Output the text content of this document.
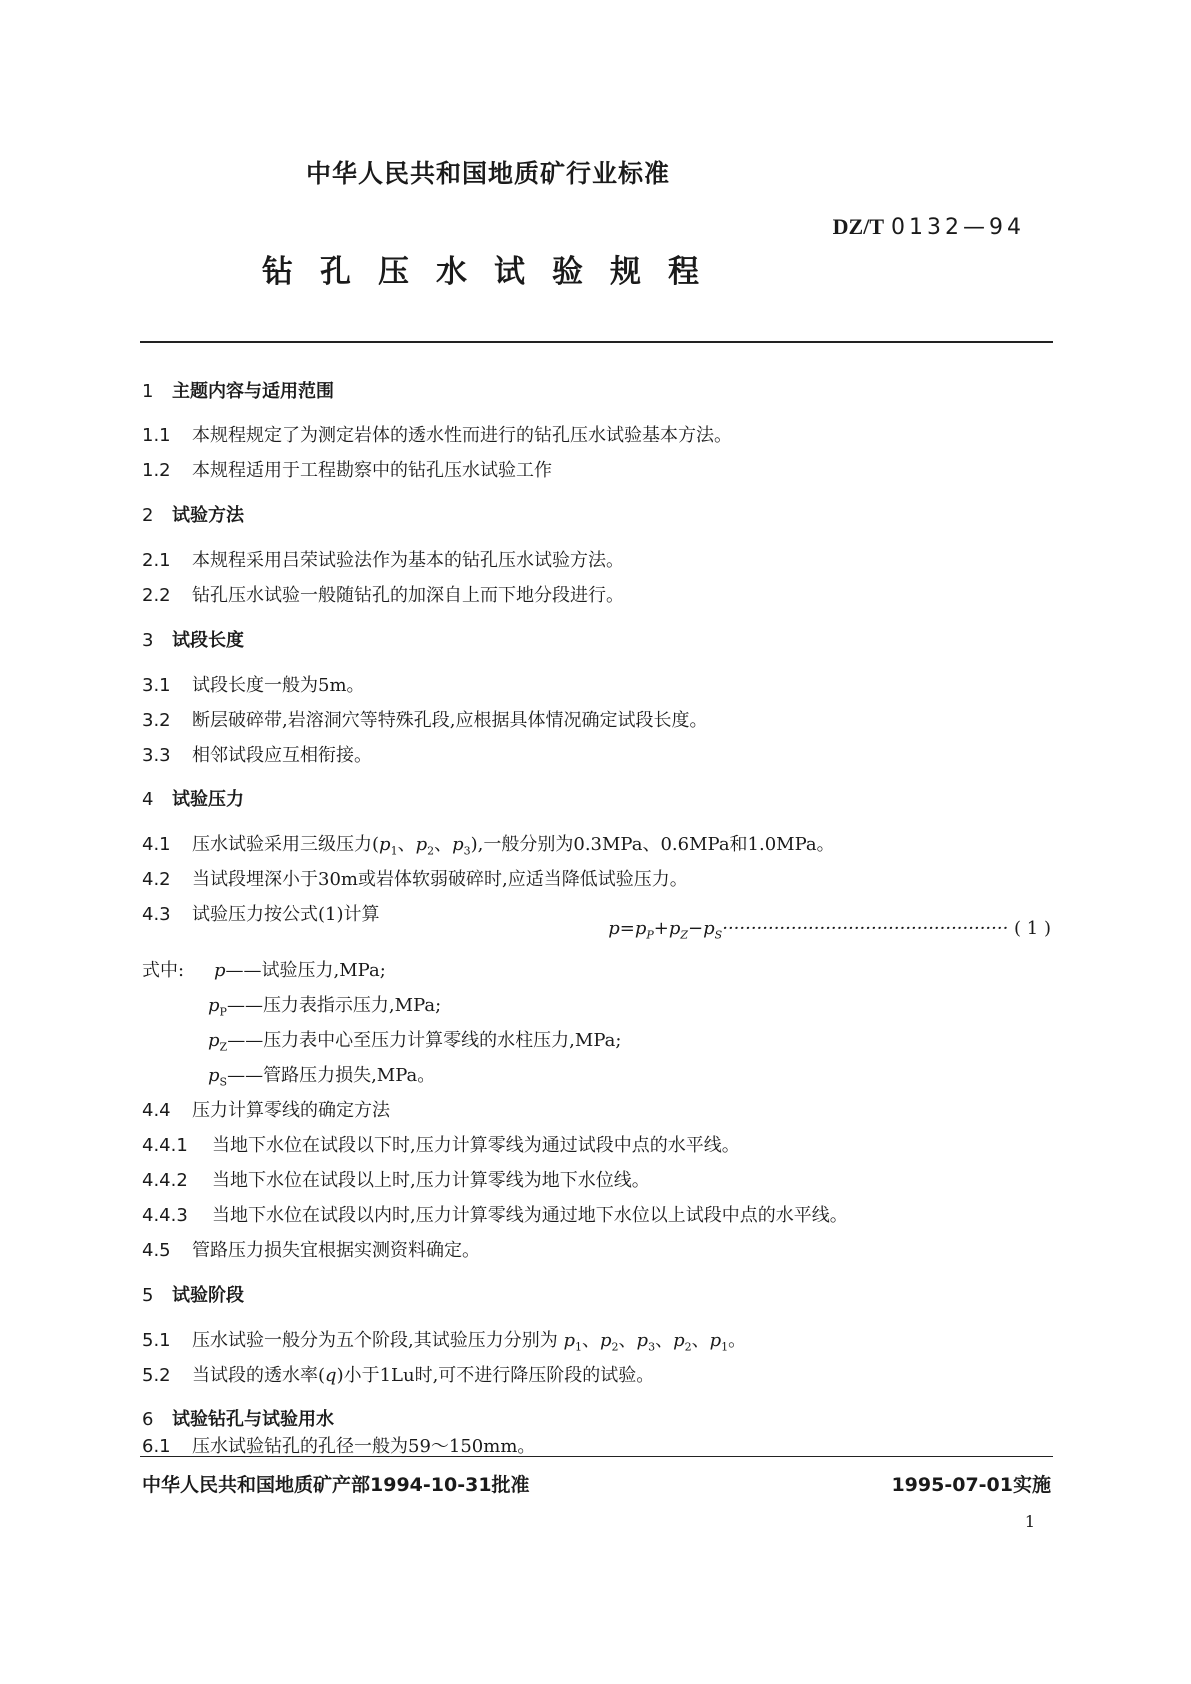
中华人民共和国地质矿行业标准
DZ/T 0132—94
钻孔压水试验规程
1 主题内容与适用范围
1.1 本规程规定了为测定岩体的透水性而进行的钻孔压水试验基本方法。
1.2 本规程适用于工程勘察中的钻孔压水试验工作
2 试验方法
2.1 本规程采用吕荣试验法作为基本的钻孔压水试验方法。
2.2 钻孔压水试验一般随钻孔的加深自上而下地分段进行。
3 试段长度
3.1 试段长度一般为5m。
3.2 断层破碎带,岩溶洞穴等特殊孔段,应根据具体情况确定试段长度。
3.3 相邻试段应互相衔接。
4 试验压力
4.1 压水试验采用三级压力($p_1$、$p_2$、$p_3$),一般分别为0.3MPa、0.6MPa和1.0MPa。
4.2 当试段埋深小于30m或岩体软弱破碎时,应适当降低试验压力。
4.3 试验压力按公式(1)计算
$p=p_P+p_Z-p_S\cdot\cdot\cdot\cdot\cdot\cdot\cdot\cdot\cdot\cdot\cdot\cdot\cdot\cdot\cdot\cdot\cdot\cdot\cdot\cdot\cdot\cdot\cdot\cdot\cdot\cdot\cdot\cdot\cdot\cdot\cdot\cdot\cdot\cdot\cdot\cdot\cdot\cdot\cdot\cdot\cdot\cdot\cdot\cdot\cdot\cdot\cdot\cdot\cdot\cdot$ ( 1 )
式中: p——试验压力,MPa;
$p_P——$压力表指示压力,MPa;
$p_Z——$压力表中心至压力计算零线的水柱压力,MPa;
$p_S——$管路压力损失,MPa。
4.4 压力计算零线的确定方法
4.4.1 当地下水位在试段以下时,压力计算零线为通过试段中点的水平线。
4.4.2 当地下水位在试段以上时,压力计算零线为地下水位线。
4.4.3 当地下水位在试段以内时,压力计算零线为通过地下水位以上试段中点的水平线。
4.5 管路压力损失宜根据实测资料确定。
5 试验阶段
5.1 压水试验一般分为五个阶段,其试验压力分别为 $p_1$、$p_2$、$p_3$、$p_2$、$p_1$。
5.2 当试段的透水率(q)小于1Lu时,可不进行降压阶段的试验。
6 试验钻孔与试验用水
6.1 压水试验钻孔的孔径一般为59～150mm。
中华人民共和国地质矿产部1994-10-31批准	1995-07-01实施
1
